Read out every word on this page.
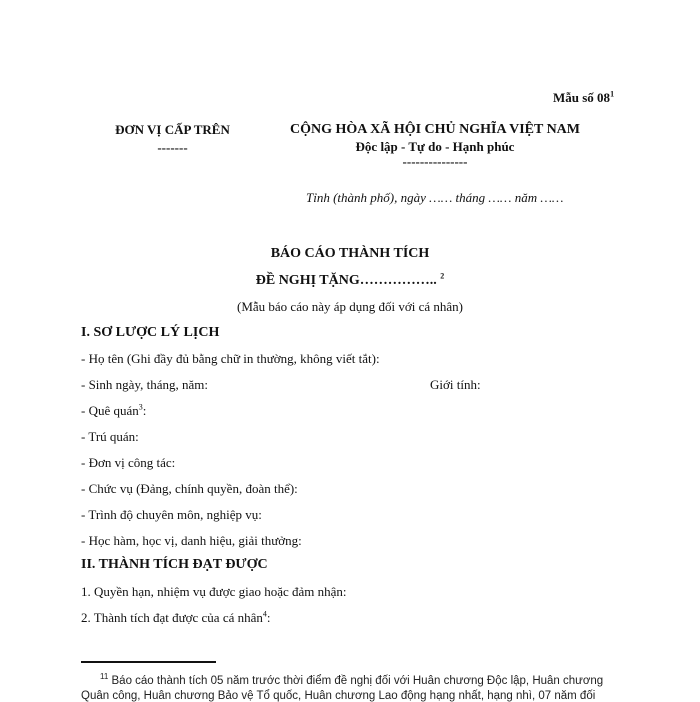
Mẫu số $08^1$
ĐƠN VỊ CẤP TRÊN
-------
CỘNG HÒA XÃ HỘI CHỦ NGHĨA VIỆT NAM
Độc lập - Tự do - Hạnh phúc
---------------
Tỉnh (thành phố), ngày …… tháng …… năm ……
BÁO CÁO THÀNH TÍCH
ĐỀ NGHỊ TẶNG…………….. $^2$
(Mẫu báo cáo này áp dụng đối với cá nhân)
I. SƠ LƯỢC LÝ LỊCH
- Họ tên (Ghi đầy đủ bằng chữ in thường, không viết tắt):
- Sinh ngày, tháng, năm:	Giới tính:
- Quê quán$^3$:
- Trú quán:
- Đơn vị công tác:
- Chức vụ (Đảng, chính quyền, đoàn thể):
- Trình độ chuyên môn, nghiệp vụ:
- Học hàm, học vị, danh hiệu, giải thưởng:
II. THÀNH TÍCH ĐẠT ĐƯỢC
1. Quyền hạn, nhiệm vụ được giao hoặc đảm nhận:
2. Thành tích đạt được của cá nhân$^4$:
$^{11}$ Báo cáo thành tích 05 năm trước thời điểm đề nghị đối với Huân chương Độc lập, Huân chương
Quân công, Huân chương Bảo vệ Tổ quốc, Huân chương Lao động hạng nhất, hạng nhì, 07 năm đối
